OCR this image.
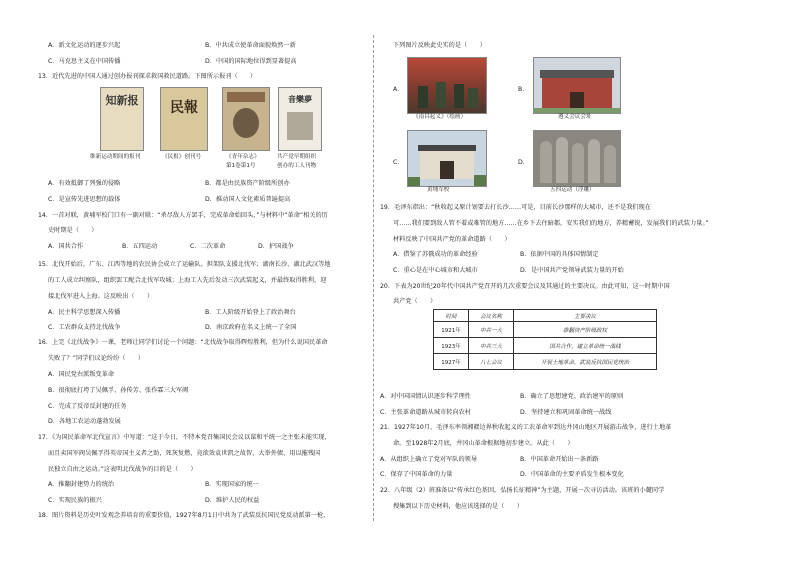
A．新文化运动的逐步兴起	B．中共成立使革命面貌焕然一新
C．马克思主义在中国传播	D．中国的国际地位得到显著提高
13．近代先进的中国人通过创办报刊探求救国救民道路。下图所示报刊（　　）
知新报	民報
音樂夢
维新运动期间的报刊	《民报》创刊号	《青年杂志》
第1卷第1号
共产党早期组织
创办的工人刊物
A．有效抵御了列强的侵略	B．都是由民族资产阶级所创办
C．是宣传先进思想的载体	D．推动国人文化素质普遍提高
14．一首对联，黄埔军校门口有一副对联：“杀尽敌人方罢手，完成革命始回头，”与材料中“革命”相关的历
史时期是（　　）
A．国共合作	B．五四运动	C．二次革命	D．护国战争
15．北伐开始后，广东、江西等地的农民协会成立了运输队、担架队支援北伐军；湖南长沙、湖北武汉等地
的工人成立纠察队，组织罢工配合北伐军攻城；上海工人先后发动三次武装起义，并最终取得胜利，迎
接北伐军进入上海。这反映出（　　）
A．民主科学思想深入传播	B．工人阶级开始登上了政治舞台
C．工农群众支持北伐战争	D．南京政府在名义上统一了全国
16．上完《北伐战争》一课，老师让同学们讨论一个问题：“北伐战争取得辉煌胜利，但为什么说国民革命
失败了？”同学们议论纷纷（　　）
A．国民党右派叛变革命
B．很彻底打垮了吴佩孚、孙传芳、张作霖三大军阀
C．完成了反帝反封建的任务
D．各地工农运动蓬勃发展
17．《为国民革命军北伐宣言》中写道：“这于今日，不特本党召集国民会议以谋和平统一之主张未能实现，
而且卖国军阀吴佩孚得英帝国主义者之助，死灰复燃，竟欲效袁世凯之故智，大举外债，用以摧残国
民独立自由之运动。”这表明北伐战争的目的是（　　）
A．推翻封建势力的统治	B．实现国家的统一
C．实现民族的振兴	D．维护人民的权益
18．图片资料是历史叶发观念养培育的重要价值，1927年8月1日中共为了武装反抗国民党反动派第一枪，
下列图片反映此史实的是（　　）
A．
《南昌起义》（绘画）
B．
遵义会议会址
C．
黄埔军校
D．
五四运动（浮雕）
19．毛泽东指出：“秋收起义原计划要去打长沙……可是，目前长沙那样的大城市，还不是我们现在
可……我们要到敌人管不着或难管的地方……在乡下去住暗都，安实我们的地方，养精蓄锐，发展我们的武装力量。”
材料反映了中国共产党的革命道路（　　）
A．借鉴了苏俄成功的革命经验	B．依据中国的具体国情制定
C．重心是在中心城市和大城市	D．是中国共产党领导武装力量的开始
20．下表为20世纪20年代中国共产党召开的几次重要会议及其通过的主要决议。由此可知，这一时期中国
共产党（　　）
时间	会议名称	主要决议
1921年	中共一大	推翻资产阶级政权
1923年	中共三大	国共合作，建立革命统一战线
1927年	八七会议	开展土地革命，武装反抗国民党统治
A．对中国国情认识逐步科学理性	B．确立了思想建党、政治建军的原则
C．主张革命道路从城市转向农村	D．坚持建立和巩固革命统一战线
21．1927年10月，毛泽东率领湘赣边界秋收起义的工农革命军到达井冈山地区开展游击战争，进行土地革
命。至1928年2月底，井冈山革命根据地初步建立。从此（　　）
A．从组织上确立了党对军队的领导	B．中国革命开始出一条新路
C．保存了中国革命的力量	D．中国革命的主要矛盾发生根本变化
22．八年级（2）班准备以“传承红色基因，弘扬长征精神”为主题，开展一次寻访活动。该班的小麓同学
搜集到以下历史材料，他应该选择的是（　　）
